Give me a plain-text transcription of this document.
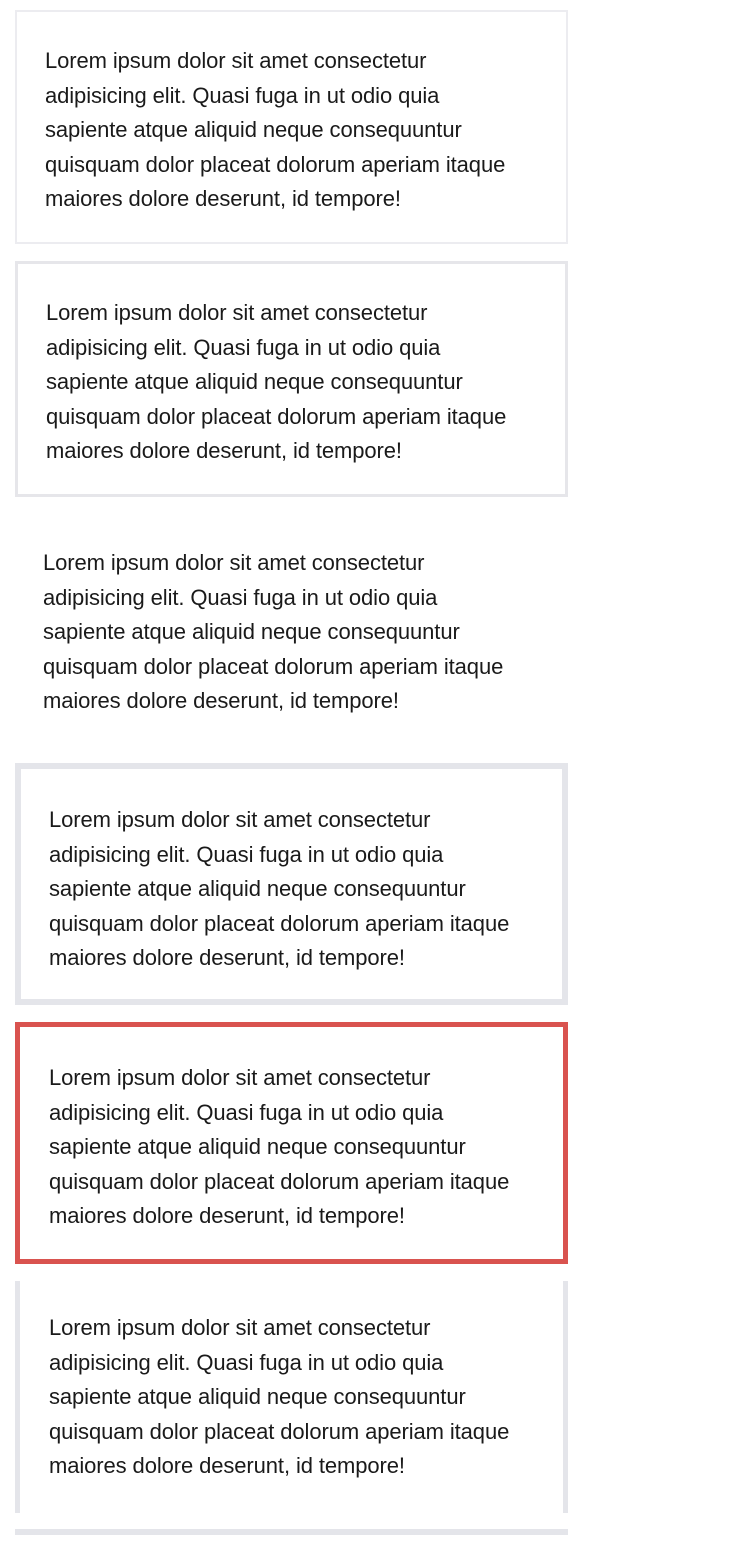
Lorem ipsum dolor sit amet consectetur adipisicing elit. Quasi fuga in ut odio quia sapiente atque aliquid neque consequuntur quisquam dolor placeat dolorum aperiam itaque maiores dolore deserunt, id tempore!

Lorem ipsum dolor sit amet consectetur adipisicing elit. Quasi fuga in ut odio quia sapiente atque aliquid neque consequuntur quisquam dolor placeat dolorum aperiam itaque maiores dolore deserunt, id tempore!

Lorem ipsum dolor sit amet consectetur adipisicing elit. Quasi fuga in ut odio quia sapiente atque aliquid neque consequuntur quisquam dolor placeat dolorum aperiam itaque maiores dolore deserunt, id tempore!

Lorem ipsum dolor sit amet consectetur adipisicing elit. Quasi fuga in ut odio quia sapiente atque aliquid neque consequuntur quisquam dolor placeat dolorum aperiam itaque maiores dolore deserunt, id tempore!

Lorem ipsum dolor sit amet consectetur adipisicing elit. Quasi fuga in ut odio quia sapiente atque aliquid neque consequuntur quisquam dolor placeat dolorum aperiam itaque maiores dolore deserunt, id tempore!

Lorem ipsum dolor sit amet consectetur adipisicing elit. Quasi fuga in ut odio quia sapiente atque aliquid neque consequuntur quisquam dolor placeat dolorum aperiam itaque maiores dolore deserunt, id tempore!
